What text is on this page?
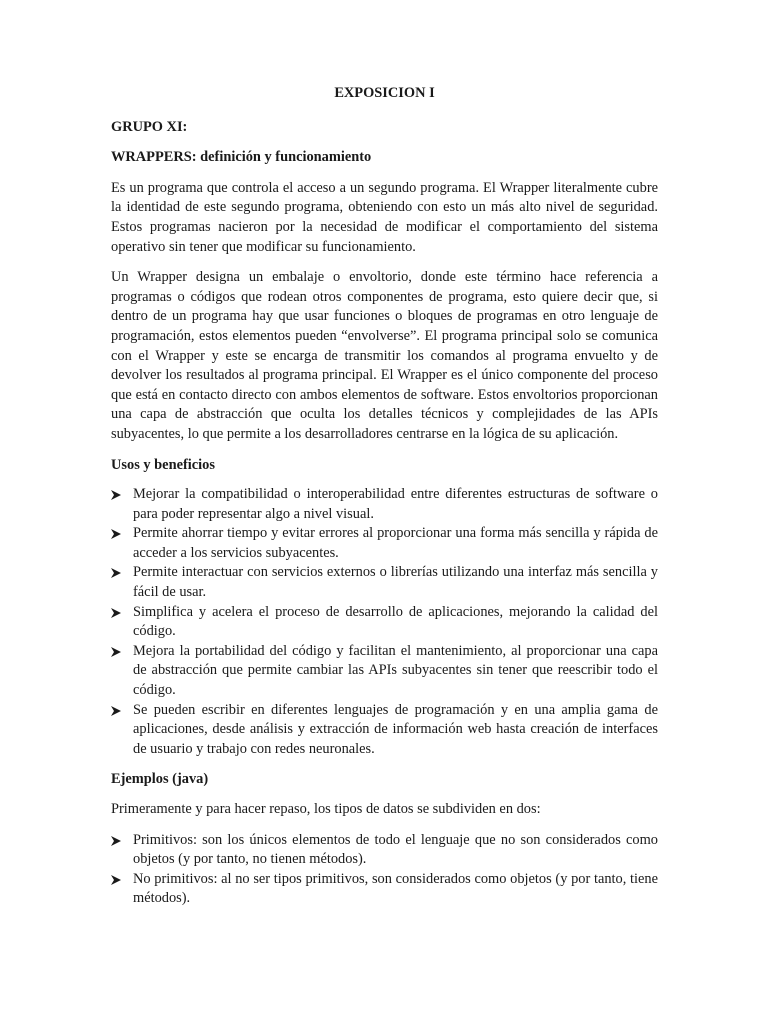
EXPOSICION I
GRUPO XI:
WRAPPERS: definición y funcionamiento

Es un programa que controla el acceso a un segundo programa. El Wrapper literalmente cubre la identidad de este segundo programa, obteniendo con esto un más alto nivel de seguridad. Estos programas nacieron por la necesidad de modificar el comportamiento del sistema operativo sin tener que modificar su funcionamiento.

Un Wrapper designa un embalaje o envoltorio, donde este término hace referencia a programas o códigos que rodean otros componentes de programa, esto quiere decir que, si dentro de un programa hay que usar funciones o bloques de programas en otro lenguaje de programación, estos elementos pueden “envolverse”. El programa principal solo se comunica con el Wrapper y este se encarga de transmitir los comandos al programa envuelto y de devolver los resultados al programa principal. El Wrapper es el único componente del proceso que está en contacto directo con ambos elementos de software. Estos envoltorios proporcionan una capa de abstracción que oculta los detalles técnicos y complejidades de las APIs subyacentes, lo que permite a los desarrolladores centrarse en la lógica de su aplicación.

Usos y beneficios
Mejorar la compatibilidad o interoperabilidad entre diferentes estructuras de software o para poder representar algo a nivel visual.
Permite ahorrar tiempo y evitar errores al proporcionar una forma más sencilla y rápida de acceder a los servicios subyacentes.
Permite interactuar con servicios externos o librerías utilizando una interfaz más sencilla y fácil de usar.
Simplifica y acelera el proceso de desarrollo de aplicaciones, mejorando la calidad del código.
Mejora la portabilidad del código y facilitan el mantenimiento, al proporcionar una capa de abstracción que permite cambiar las APIs subyacentes sin tener que reescribir todo el código.
Se pueden escribir en diferentes lenguajes de programación y en una amplia gama de aplicaciones, desde análisis y extracción de información web hasta creación de interfaces de usuario y trabajo con redes neuronales.
Ejemplos (java)

Primeramente y para hacer repaso, los tipos de datos se subdividen en dos:

Primitivos: son los únicos elementos de todo el lenguaje que no son considerados como objetos (y por tanto, no tienen métodos).
No primitivos: al no ser tipos primitivos, son considerados como objetos (y por tanto, tiene métodos).
